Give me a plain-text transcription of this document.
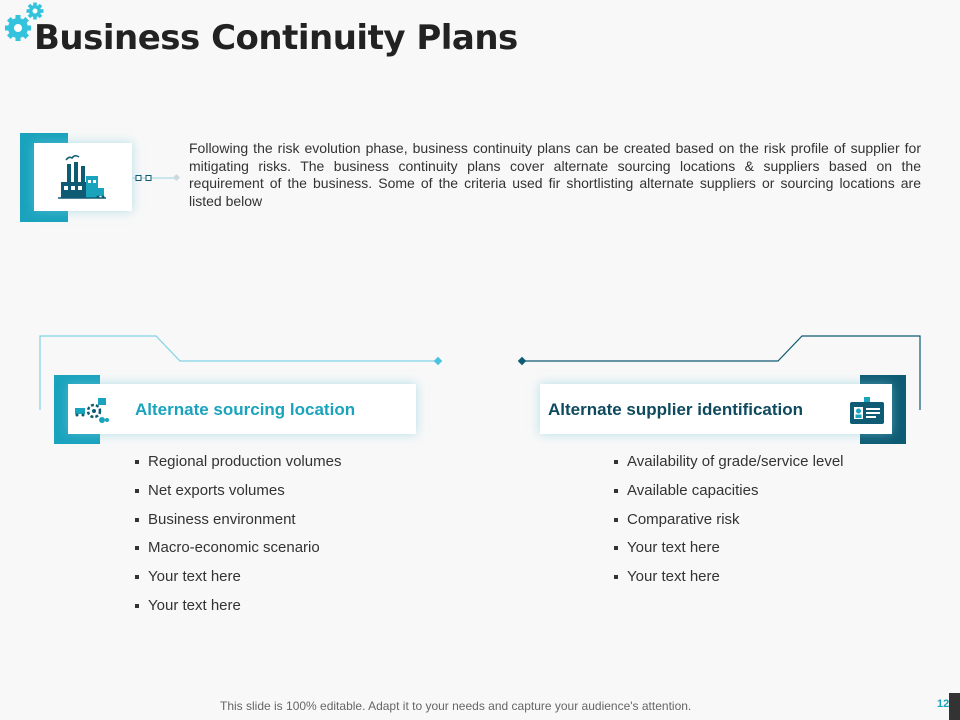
Business Continuity Plans
Following the risk evolution phase, business continuity plans can be created based on the risk profile of supplier for mitigating risks. The business continuity plans cover alternate sourcing locations & suppliers based on the requirement of the business. Some of the criteria used fir shortlisting alternate suppliers or sourcing locations are listed below
Alternate sourcing location
Regional production volumes
Net exports volumes
Business environment
Macro-economic scenario
Your text here
Your text here
Alternate supplier identification
Availability of grade/service level
Available capacities
Comparative risk
Your text here
Your text here
This slide is 100% editable. Adapt it to your needs and capture your audience's attention.	12
